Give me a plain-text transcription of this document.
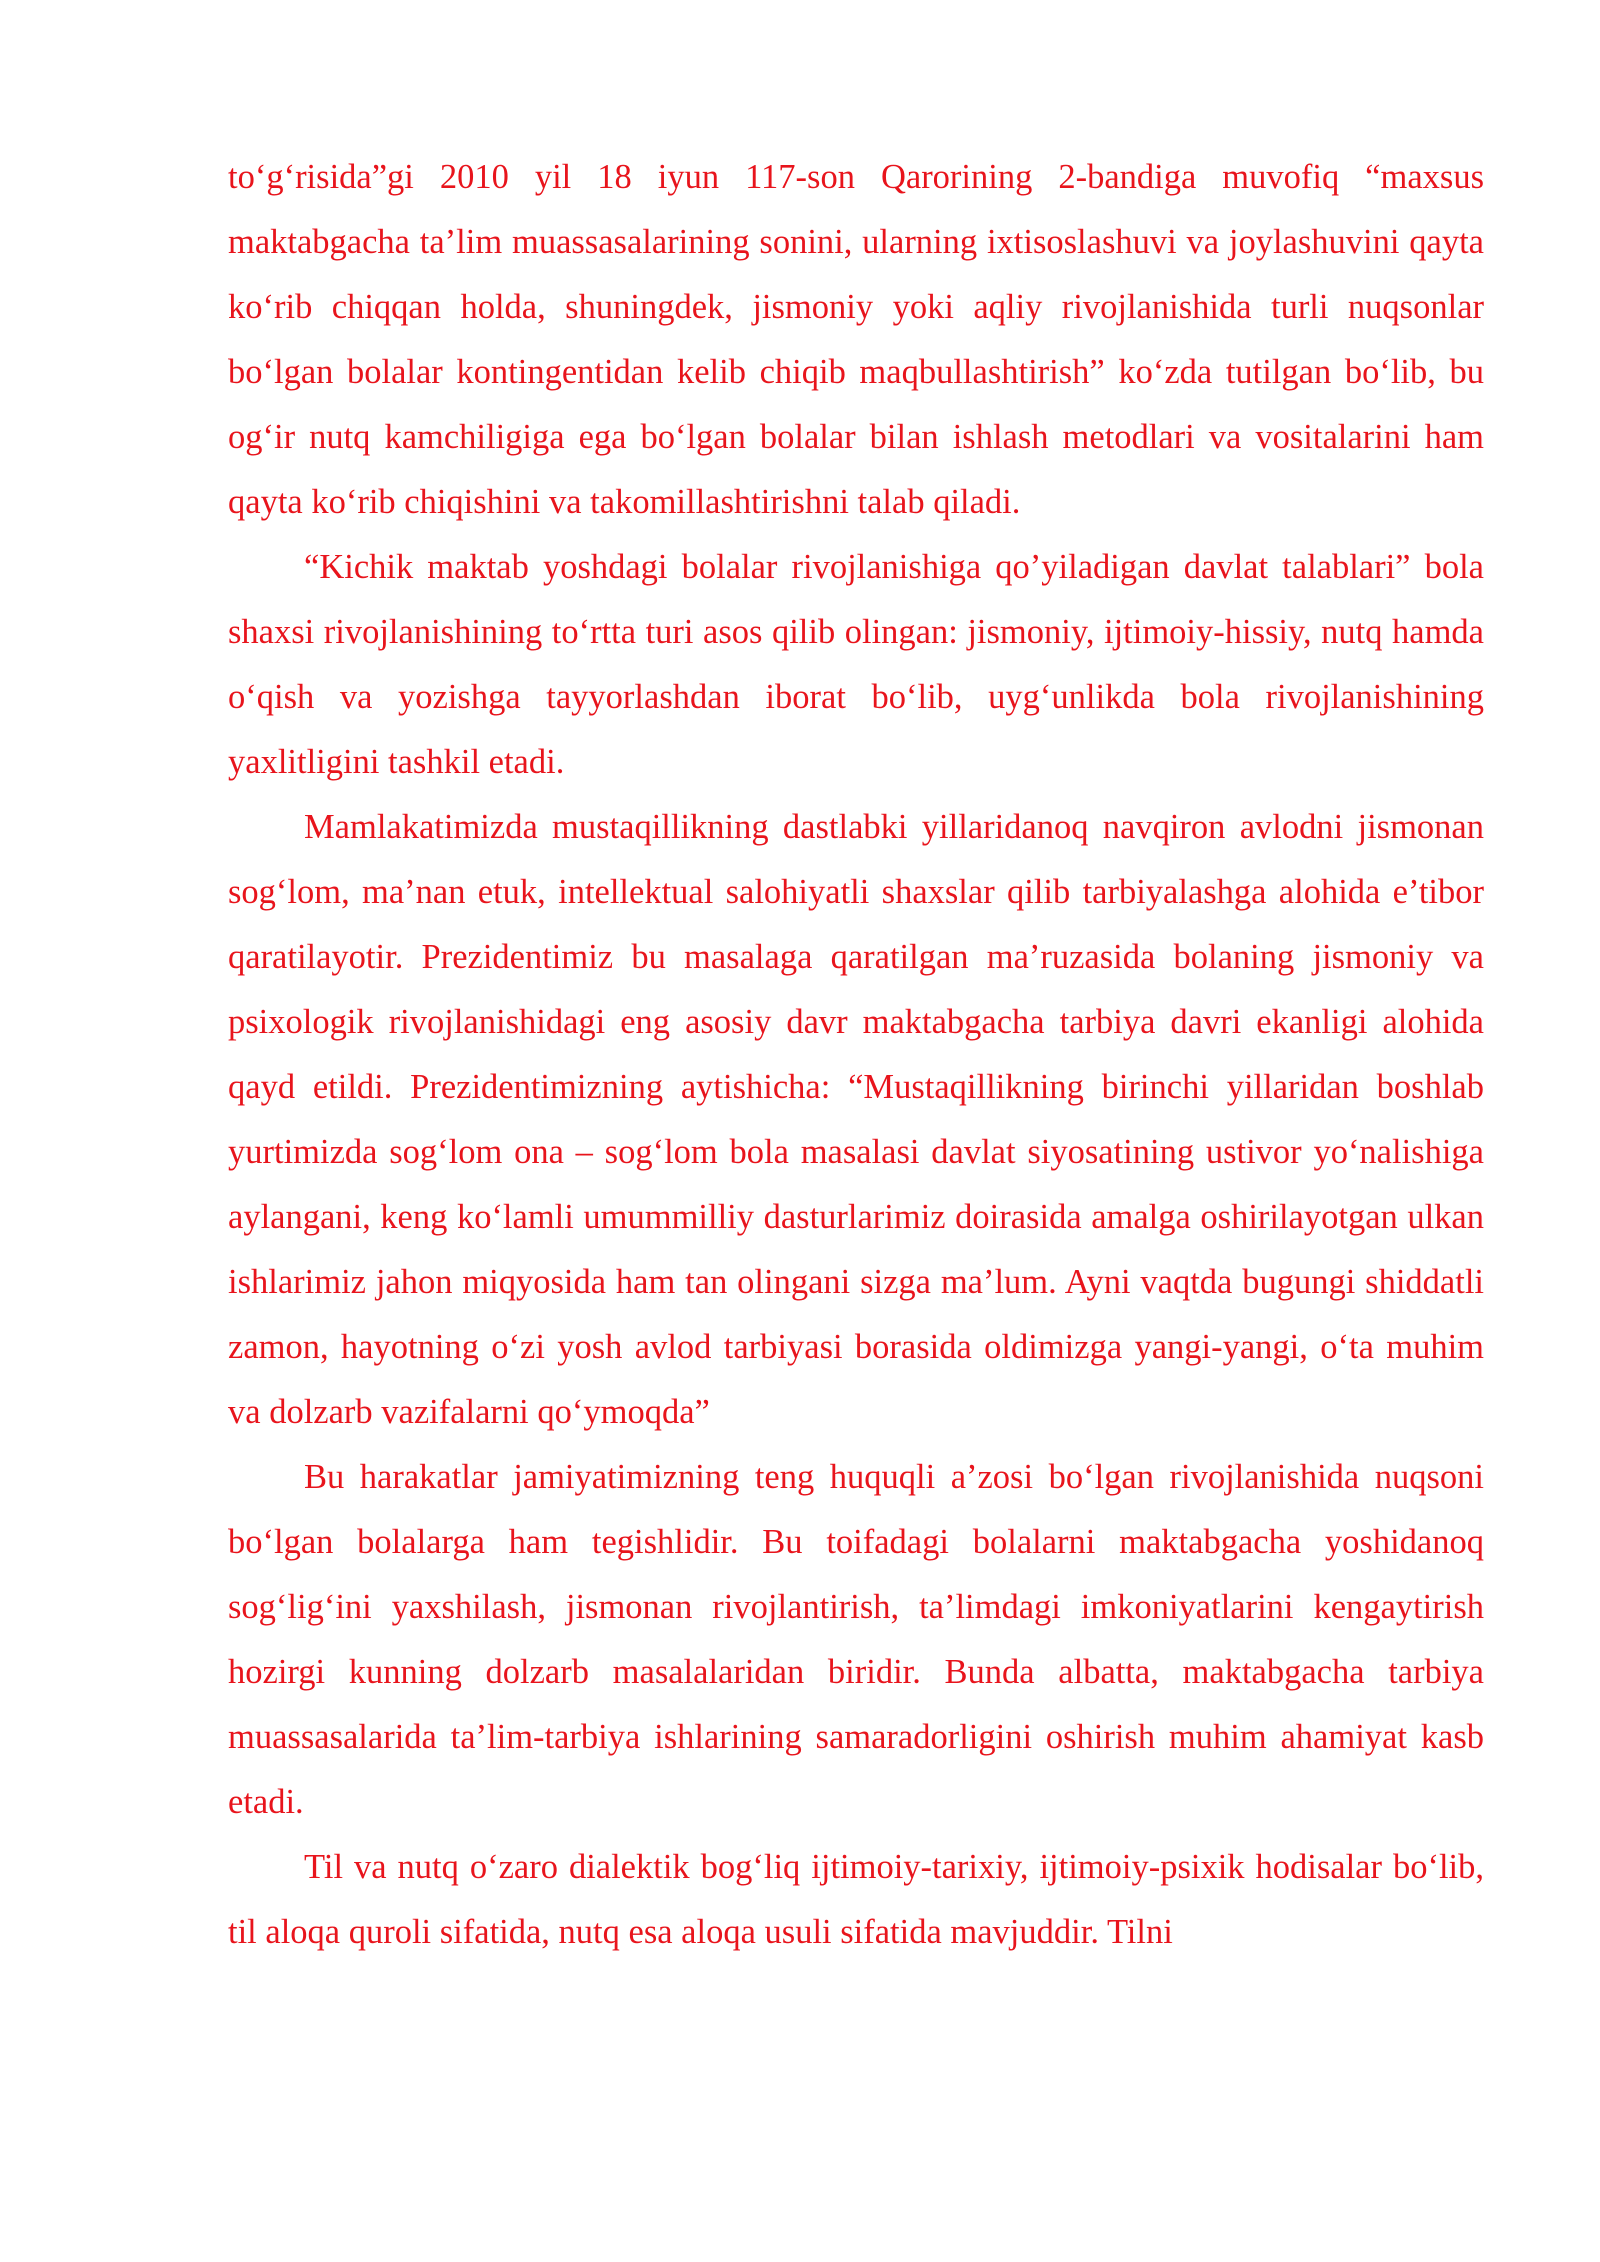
to‘g‘risida”gi 2010 yil 18 iyun 117-son Qarorining 2-bandiga muvofiq “maxsus maktabgacha ta’lim muassasalarining sonini, ularning ixtisoslashuvi va joylashuvini qayta ko‘rib chiqqan holda, shuningdek, jismoniy yoki aqliy rivojlanishida turli nuqsonlar bo‘lgan bolalar kontingentidan kelib chiqib maqbullashtirish” ko‘zda tutilgan bo‘lib, bu og‘ir nutq kamchiligiga ega bo‘lgan bolalar bilan ishlash metodlari va vositalarini ham qayta ko‘rib chiqishini va takomillashtirishni talab qiladi.

“Kichik maktab yoshdagi bolalar rivojlanishiga qo’yiladigan davlat talablari” bola shaxsi rivojlanishining to‘rtta turi asos qilib olingan: jismoniy, ijtimoiy-hissiy, nutq hamda o‘qish va yozishga tayyorlashdan iborat bo‘lib, uyg‘unlikda bola rivojlanishining yaxlitligini tashkil etadi.

Mamlakatimizda mustaqillikning dastlabki yillaridanoq navqiron avlodni jismonan sog‘lom, ma’nan etuk, intellektual salohiyatli shaxslar qilib tarbiyalashga alohida e’tibor qaratilayotir. Prezidentimiz bu masalaga qaratilgan ma’ruzasida bolaning jismoniy va psixologik rivojlanishidagi eng asosiy davr maktabgacha tarbiya davri ekanligi alohida qayd etildi. Prezidentimizning aytishicha: “Mustaqillikning birinchi yillaridan boshlab yurtimizda sog‘lom ona – sog‘lom bola masalasi davlat siyosatining ustivor yo‘nalishiga aylangani, keng ko‘lamli umummilliy dasturlarimiz doirasida amalga oshirilayotgan ulkan ishlarimiz jahon miqyosida ham tan olingani sizga ma’lum. Ayni vaqtda bugungi shiddatli zamon, hayotning o‘zi yosh avlod tarbiyasi borasida oldimizga yangi-yangi, o‘ta muhim va dolzarb vazifalarni qo‘ymoqda”

Bu harakatlar jamiyatimizning teng huquqli a’zosi bo‘lgan rivojlanishida nuqsoni bo‘lgan bolalarga ham tegishlidir. Bu toifadagi bolalarni maktabgacha yoshidanoq sog‘lig‘ini yaxshilash, jismonan rivojlantirish, ta’limdagi imkoniyatlarini kengaytirish hozirgi kunning dolzarb masalalaridan biridir. Bunda albatta, maktabgacha tarbiya muassasalarida ta’lim-tarbiya ishlarining samaradorligini oshirish muhim ahamiyat kasb etadi.

Til va nutq o‘zaro dialektik bog‘liq ijtimoiy-tarixiy, ijtimoiy-psixik hodisalar bo‘lib, til aloqa quroli sifatida, nutq esa aloqa usuli sifatida mavjuddir. Tilni
